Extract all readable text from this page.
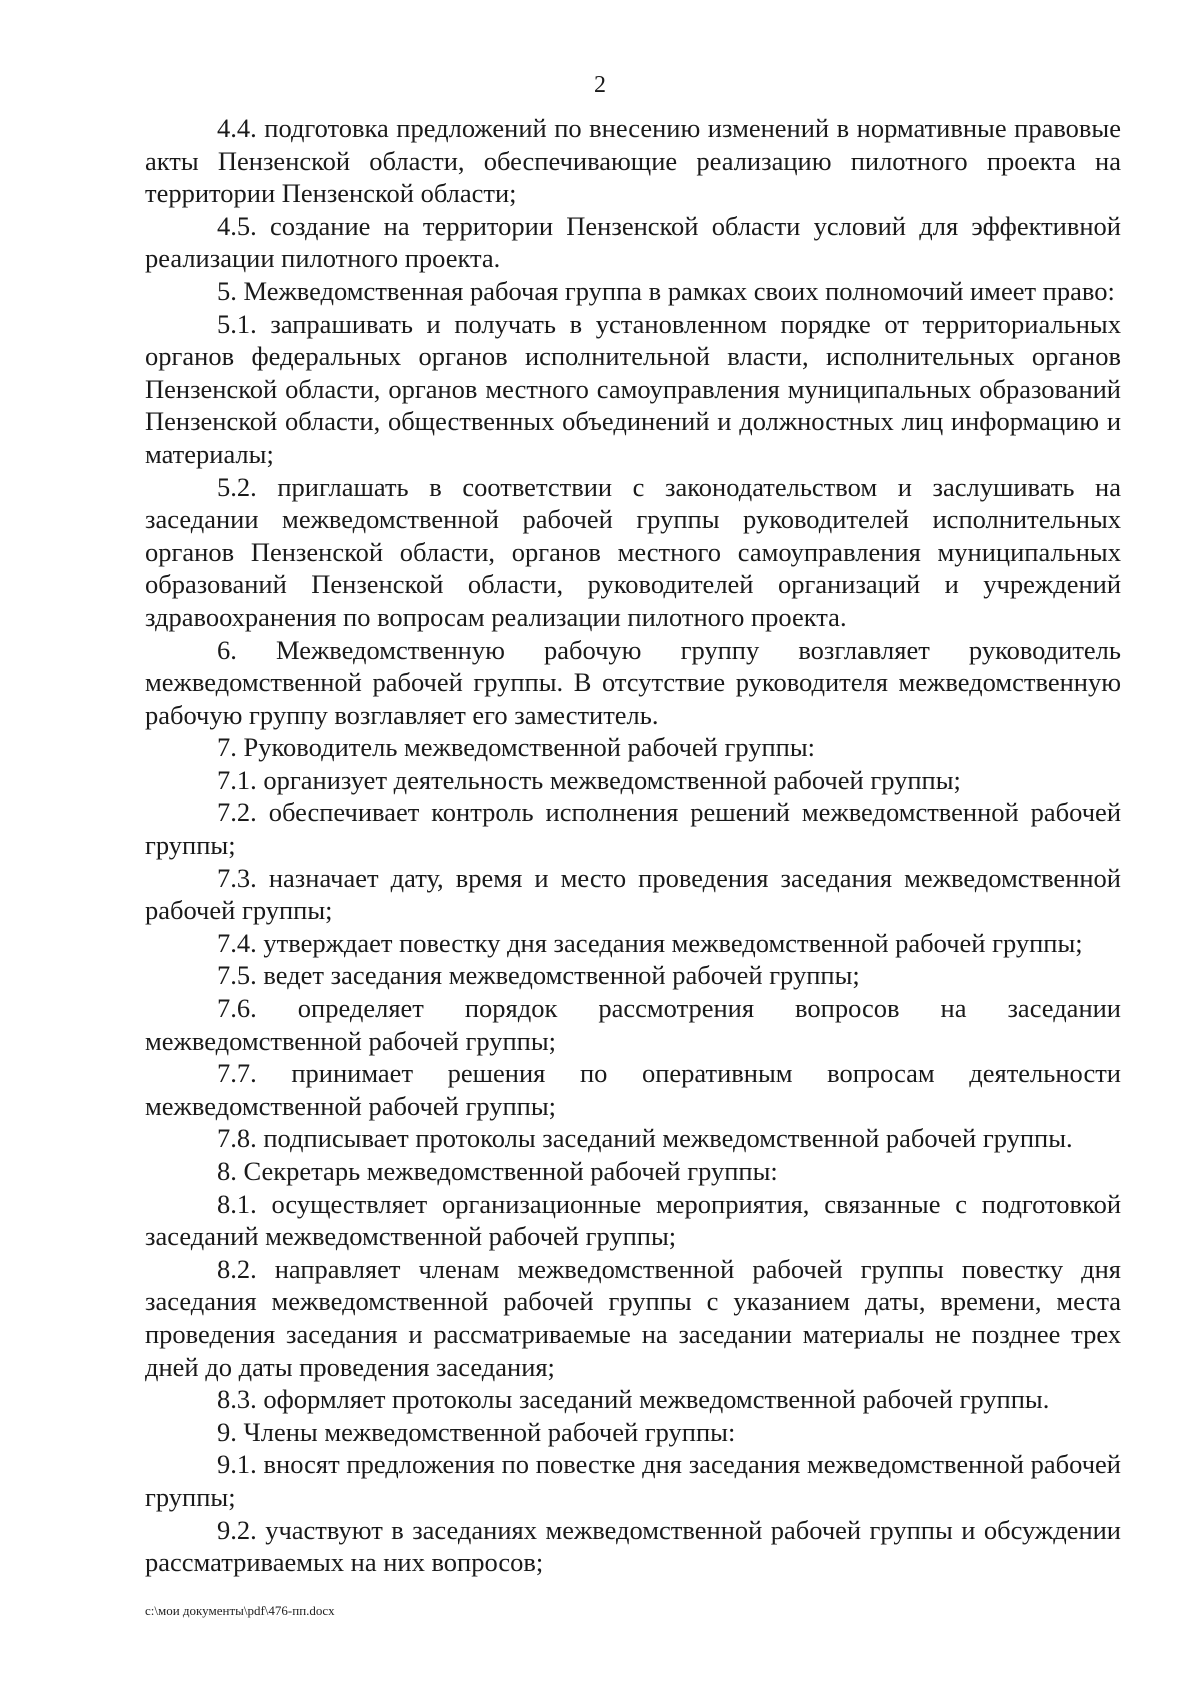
2

4.4. подготовка предложений по внесению изменений в нормативные правовые акты Пензенской области, обеспечивающие реализацию пилотного проекта на территории Пензенской области;

4.5. создание на территории Пензенской области условий для эффективной реализации пилотного проекта.

5. Межведомственная рабочая группа в рамках своих полномочий имеет право:

5.1. запрашивать и получать в установленном порядке от территориальных органов федеральных органов исполнительной власти, исполнительных органов Пензенской области, органов местного самоуправления муниципальных образований Пензенской области, общественных объединений и должностных лиц информацию и материалы;

5.2. приглашать в соответствии с законодательством и заслушивать на заседании межведомственной рабочей группы руководителей исполнительных органов Пензенской области, органов местного самоуправления муниципальных образований Пензенской области, руководителей организаций и учреждений здравоохранения по вопросам реализации пилотного проекта.

6. Межведомственную рабочую группу возглавляет руководитель межведомственной рабочей группы. В отсутствие руководителя межведомственную рабочую группу возглавляет его заместитель.

7. Руководитель межведомственной рабочей группы:

7.1. организует деятельность межведомственной рабочей группы;

7.2. обеспечивает контроль исполнения решений межведомственной рабочей группы;

7.3. назначает дату, время и место проведения заседания межведомственной рабочей группы;

7.4. утверждает повестку дня заседания межведомственной рабочей группы;

7.5. ведет заседания межведомственной рабочей группы;

7.6. определяет порядок рассмотрения вопросов на заседании межведомственной рабочей группы;

7.7. принимает решения по оперативным вопросам деятельности межведомственной рабочей группы;

7.8. подписывает протоколы заседаний межведомственной рабочей группы.

8. Секретарь межведомственной рабочей группы:

8.1. осуществляет организационные мероприятия, связанные с подготовкой заседаний межведомственной рабочей группы;

8.2. направляет членам межведомственной рабочей группы повестку дня заседания межведомственной рабочей группы с указанием даты, времени, места проведения заседания и рассматриваемые на заседании материалы не позднее трех дней до даты проведения заседания;

8.3. оформляет протоколы заседаний межведомственной рабочей группы.

9. Члены межведомственной рабочей группы:

9.1. вносят предложения по повестке дня заседания межведомственной рабочей группы;

9.2. участвуют в заседаниях межведомственной рабочей группы и обсуждении рассматриваемых на них вопросов;

c:\мои документы\pdf\476-пп.docx
